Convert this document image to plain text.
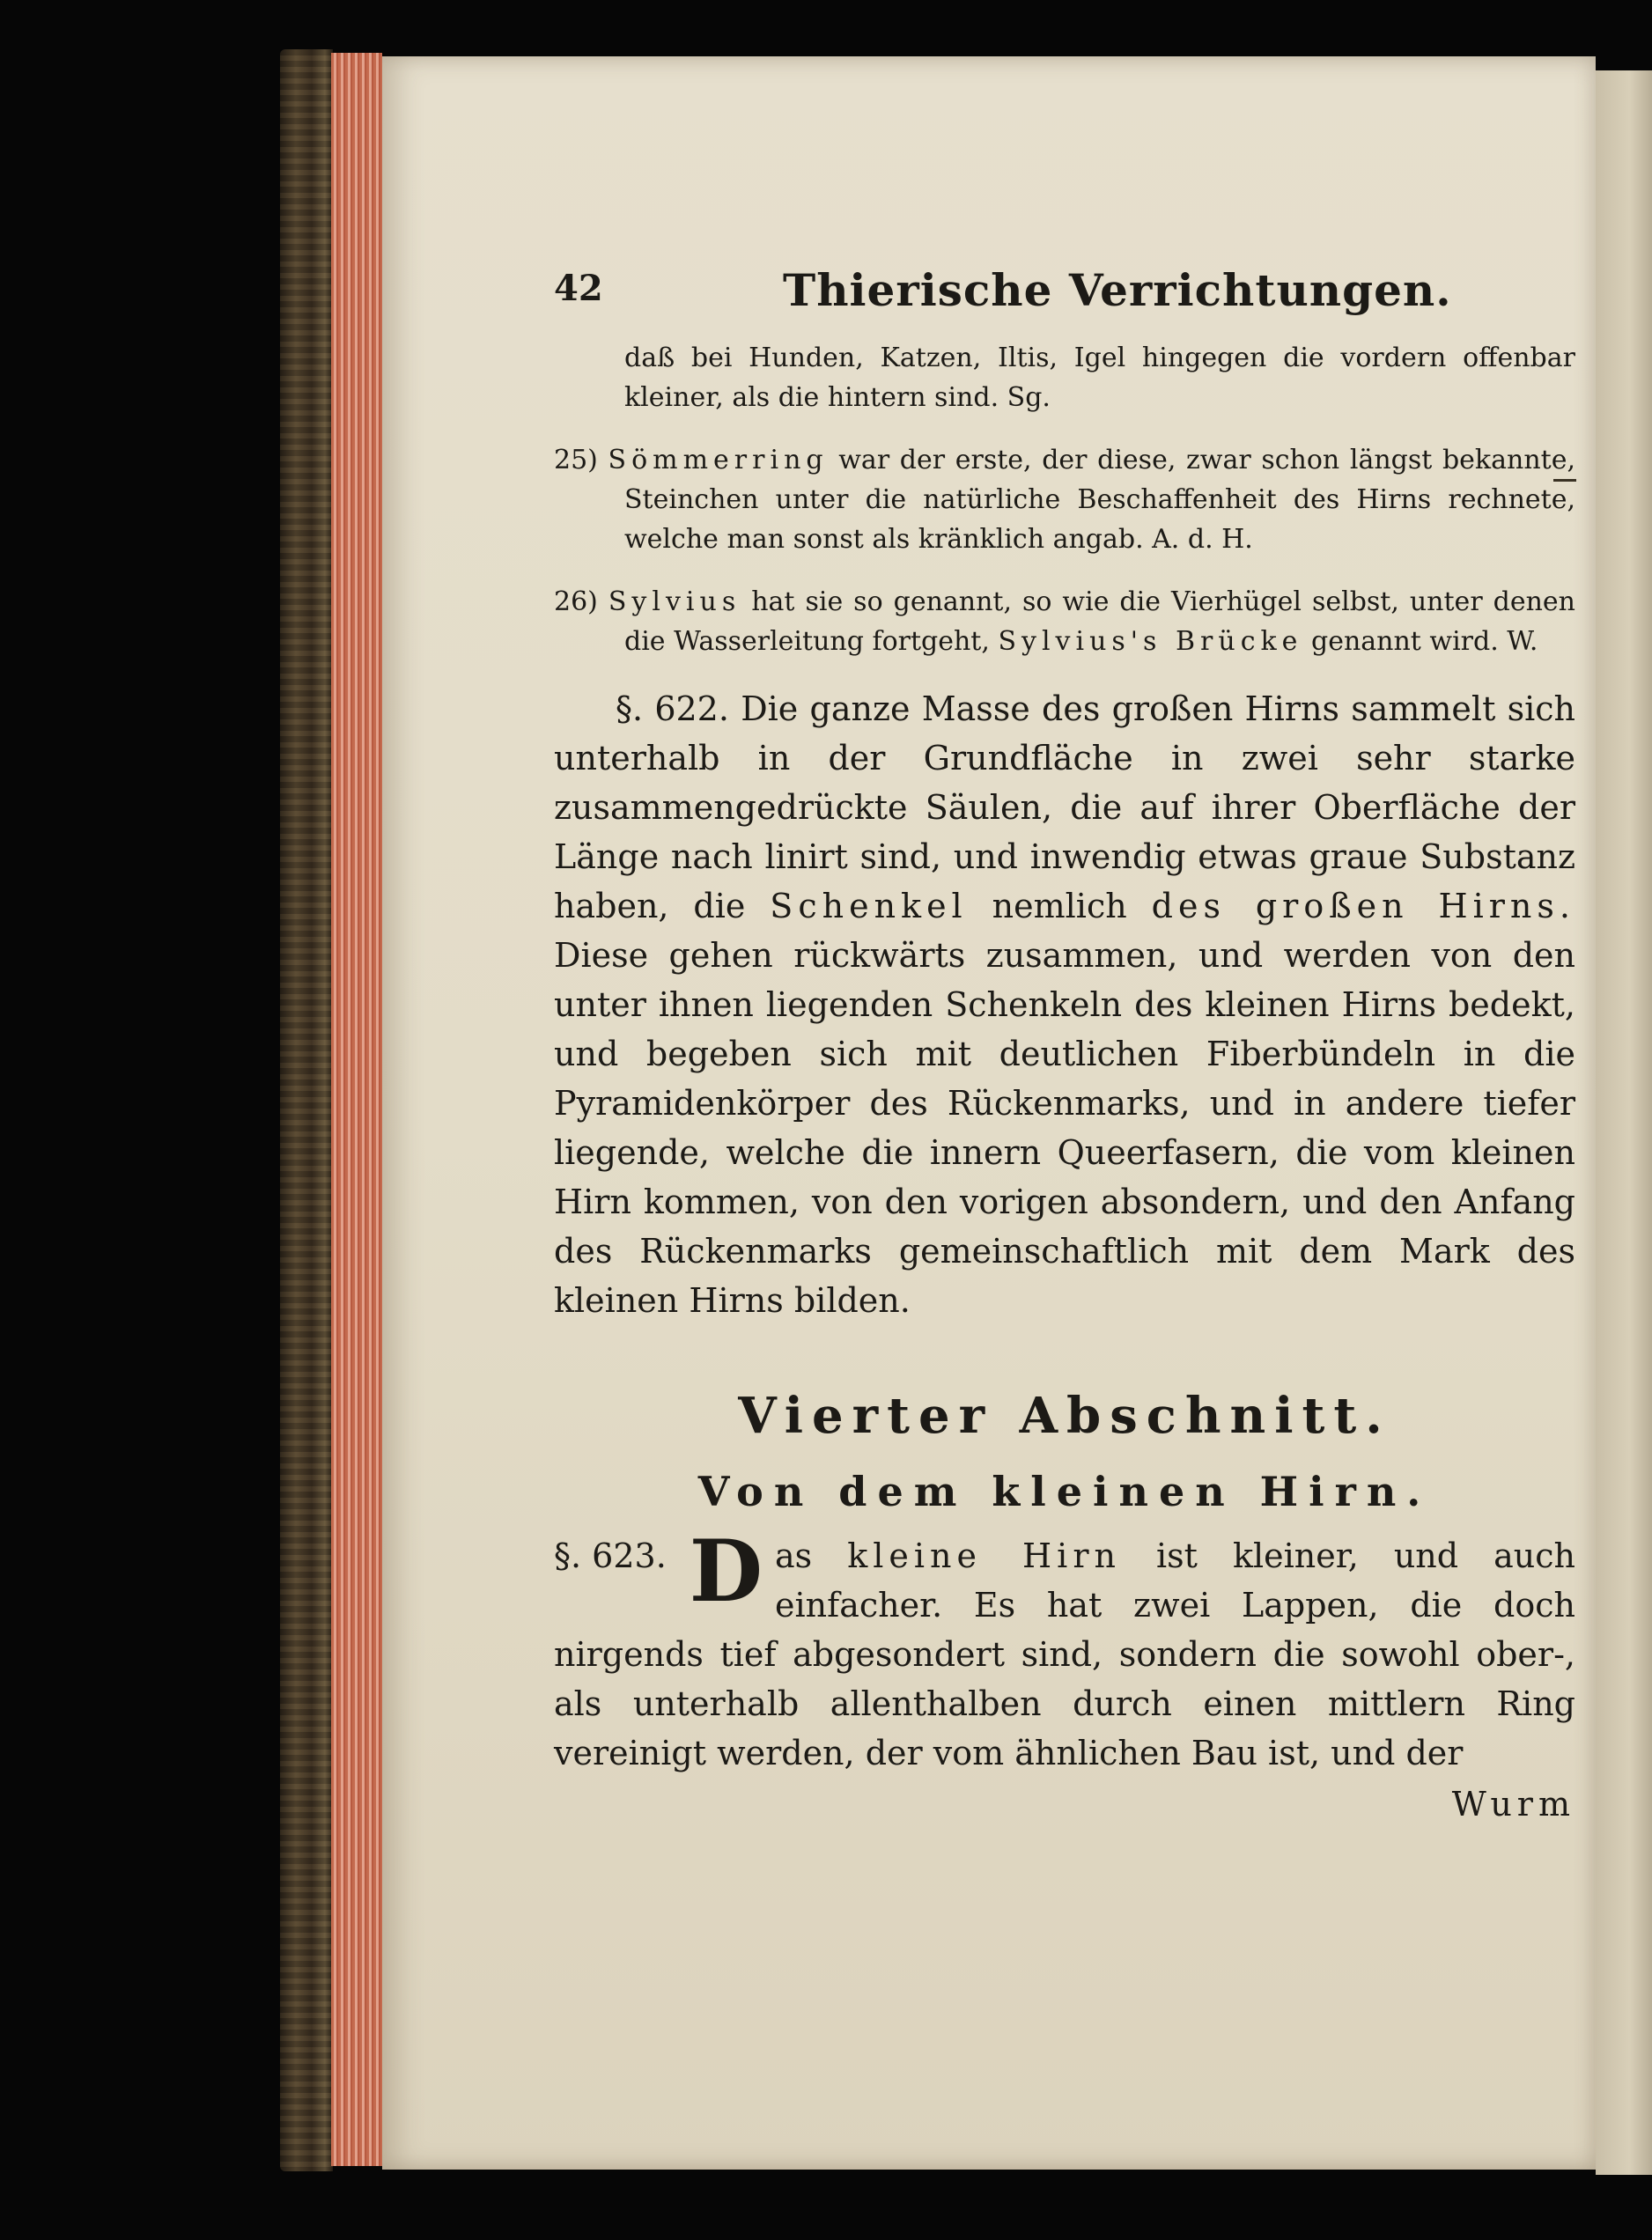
42	Thierische Verrichtungen.

daß bei Hunden, Katzen, Iltis, Igel hingegen die vordern offenbar kleiner, als die hintern sind. Sg.

25) Sömmerring war der erste, der diese, zwar schon längst bekannte, Steinchen unter die natürliche Beschaffenheit des Hirns rechnete, welche man sonst als kränklich angab. A. d. H.

26) Sylvius hat sie so genannt, so wie die Vierhügel selbst, unter denen die Wasserleitung fortgeht, Sylvius's Brücke genannt wird. W.

§. 622. Die ganze Masse des großen Hirns sammelt sich unterhalb in der Grundfläche in zwei sehr starke zusammengedrückte Säulen, die auf ihrer Oberfläche der Länge nach linirt sind, und inwendig etwas graue Substanz haben, die Schenkel nemlich des großen Hirns. Diese gehen rückwärts zusammen, und werden von den unter ihnen liegenden Schenkeln des kleinen Hirns bedekt, und begeben sich mit deutlichen Fiberbündeln in die Pyramidenkörper des Rückenmarks, und in andere tiefer liegende, welche die innern Queerfasern, die vom kleinen Hirn kommen, von den vorigen absondern, und den Anfang des Rückenmarks gemeinschaftlich mit dem Mark des kleinen Hirns bilden.

Vierter Abschnitt.
Von dem kleinen Hirn.
§. 623. D as kleine Hirn ist kleiner, und auch einfacher. Es hat zwei Lappen, die doch nirgends tief abgesondert sind, sondern die sowohl ober-, als unterhalb allenthalben durch einen mittlern Ring vereinigt werden, der vom ähnlichen Bau ist, und der
Wurm
